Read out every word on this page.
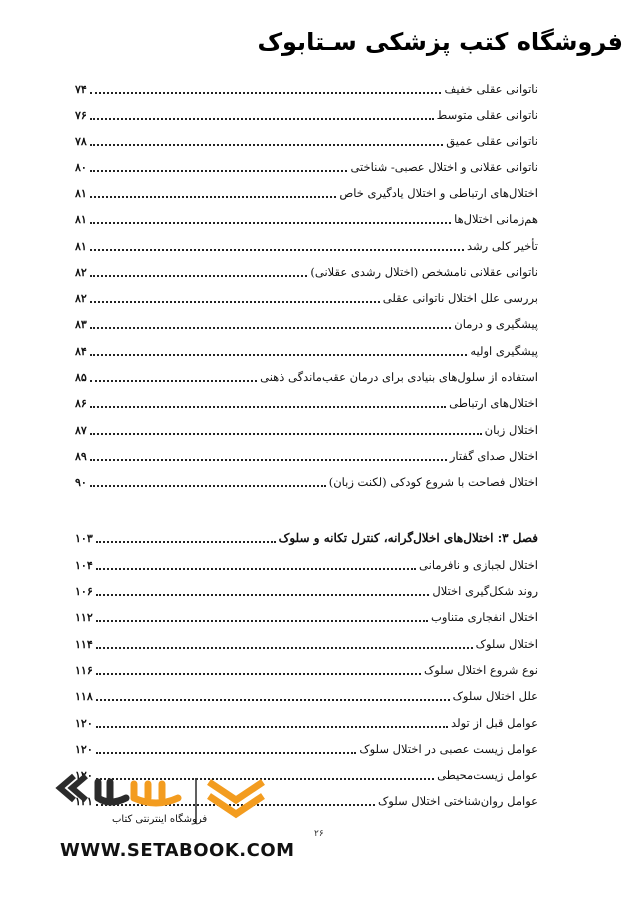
فروشگاه کتب پزشکی سـتابوک
ناتوانی عقلی خفیف
۷۴
ناتوانی عقلی متوسط
۷۶
ناتوانی عقلی عمیق
۷۸
ناتوانی عقلانی و اختلال عصبی- شناختی
۸۰
اختلال‌های ارتباطی و اختلال یادگیری خاص
۸۱
هم‌زمانی اختلال‌ها
۸۱
تأخیر کلی رشد
۸۱
ناتوانی عقلانی نامشخص (اختلال رشدی عقلانی)
۸۲
بررسی علل اختلال ناتوانی عقلی
۸۲
پیشگیری و درمان
۸۳
پیشگیری اولیه
۸۴
استفاده از سلول‌های بنیادی برای درمان عقب‌ماندگی ذهنی
۸۵
اختلال‌های ارتباطی
۸۶
اختلال زبان
۸۷
اختلال صدای گفتار
۸۹
اختلال فصاحت با شروع کودکی (لکنت زبان)
۹۰
فصل ۳: اختلال‌های اخلال‌گرانه، کنترل تکانه و سلوک
۱۰۳
اختلال لجبازی و نافرمانی
۱۰۴
روند شکل‌گیری اختلال
۱۰۶
اختلال انفجاری متناوب
۱۱۲
اختلال سلوک
۱۱۴
نوع شروع اختلال سلوک
۱۱۶
علل اختلال سلوک
۱۱۸
عوامل قبل از تولد
۱۲۰
عوامل زیست عصبی در اختلال سلوک
۱۲۰
عوامل زیست‌محیطی
۱۲۰
عوامل روان‌شناختی اختلال سلوک
۱۲۱
۲۶
فروشگاه اینترنتی کتاب
WWW.SETABOOK.COM
